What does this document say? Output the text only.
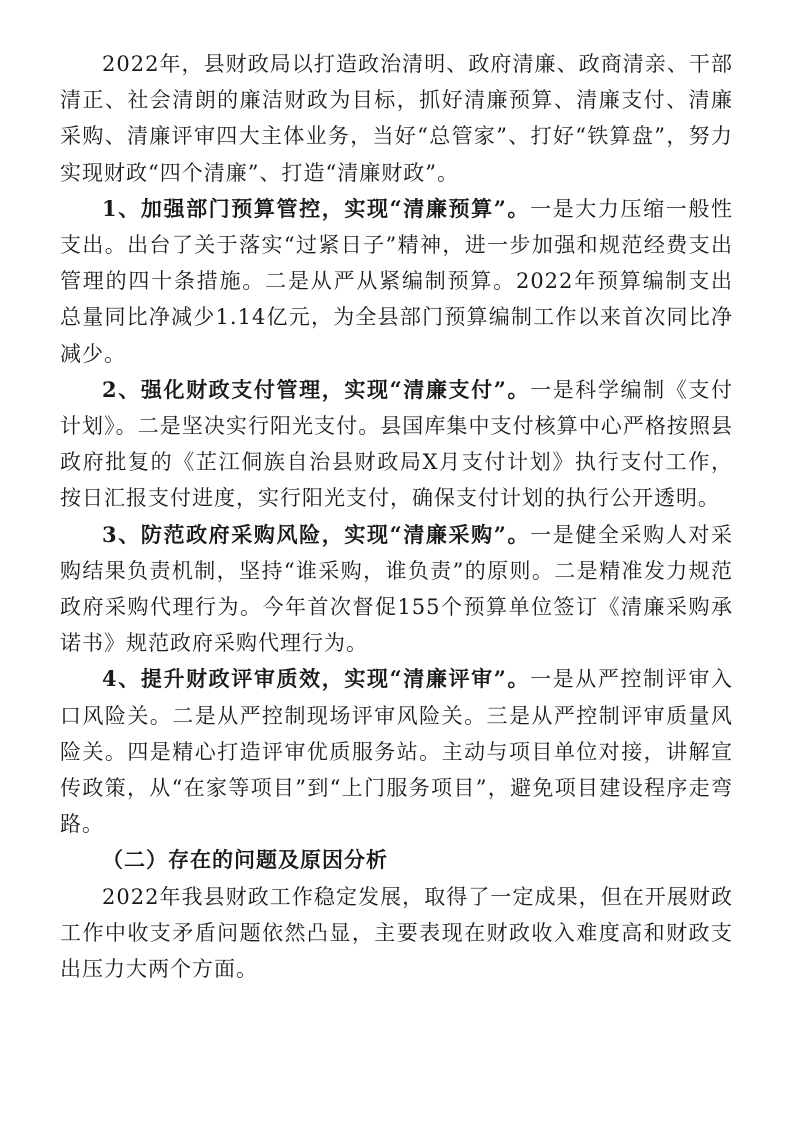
2022年，县财政局以打造政治清明、政府清廉、政商清亲、干部清正、社会清朗的廉洁财政为目标，抓好清廉预算、清廉支付、清廉采购、清廉评审四大主体业务，当好“总管家”、打好“铁算盘”，努力实现财政“四个清廉”、打造“清廉财政”。

1、加强部门预算管控，实现“清廉预算”。一是大力压缩一般性支出。出台了关于落实“过紧日子”精神，进一步加强和规范经费支出管理的四十条措施。二是从严从紧编制预算。2022年预算编制支出总量同比净减少1.14亿元，为全县部门预算编制工作以来首次同比净减少。

2、强化财政支付管理，实现“清廉支付”。一是科学编制《支付计划》。二是坚决实行阳光支付。县国库集中支付核算中心严格按照县政府批复的《芷江侗族自治县财政局X月支付计划》执行支付工作，按日汇报支付进度，实行阳光支付，确保支付计划的执行公开透明。

3、防范政府采购风险，实现“清廉采购”。一是健全采购人对采购结果负责机制，坚持“谁采购，谁负责”的原则。二是精准发力规范政府采购代理行为。今年首次督促155个预算单位签订《清廉采购承诺书》规范政府采购代理行为。

4、提升财政评审质效，实现“清廉评审”。一是从严控制评审入口风险关。二是从严控制现场评审风险关。三是从严控制评审质量风险关。四是精心打造评审优质服务站。主动与项目单位对接，讲解宣传政策，从“在家等项目”到“上门服务项目”，避免项目建设程序走弯路。

（二）存在的问题及原因分析

2022年我县财政工作稳定发展，取得了一定成果，但在开展财政工作中收支矛盾问题依然凸显，主要表现在财政收入难度高和财政支出压力大两个方面。
